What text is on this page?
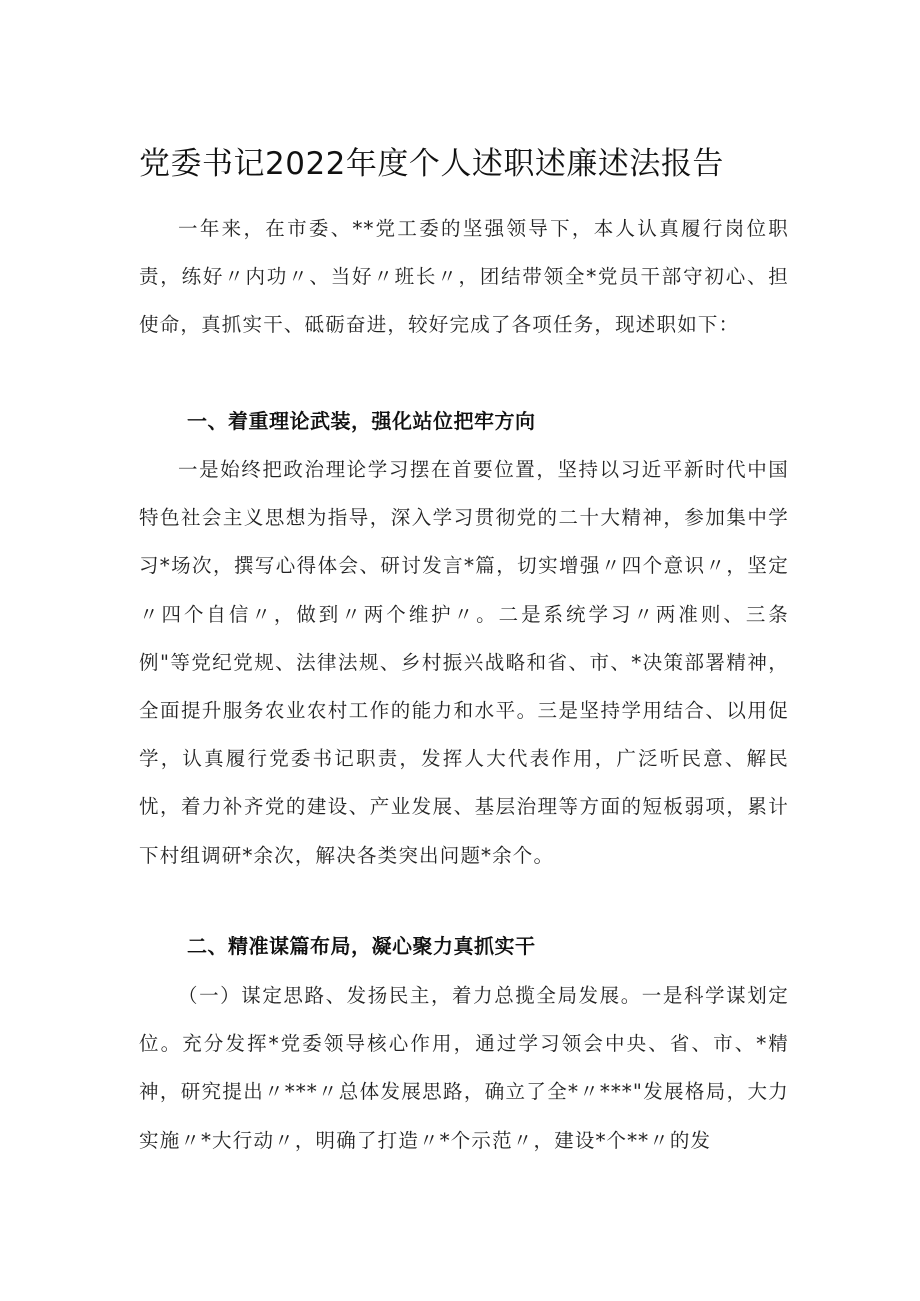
党委书记2022年度个人述职述廉述法报告

一年来，在市委、**党工委的坚强领导下，本人认真履行岗位职责，练好〃内功〃、当好〃班长〃，团结带领全*党员干部守初心、担使命，真抓实干、砥砺奋进，较好完成了各项任务，现述职如下：

一、着重理论武装，强化站位把牢方向

一是始终把政治理论学习摆在首要位置，坚持以习近平新时代中国特色社会主义思想为指导，深入学习贯彻党的二十大精神，参加集中学习*场次，撰写心得体会、研讨发言*篇，切实增强〃四个意识〃，坚定〃四个自信〃，做到〃两个维护〃。二是系统学习〃两准则、三条例"等党纪党规、法律法规、乡村振兴战略和省、市、*决策部署精神，全面提升服务农业农村工作的能力和水平。三是坚持学用结合、以用促学，认真履行党委书记职责，发挥人大代表作用，广泛听民意、解民忧，着力补齐党的建设、产业发展、基层治理等方面的短板弱项，累计下村组调研*余次，解决各类突出问题*余个。

二、精准谋篇布局，凝心聚力真抓实干

（一）谋定思路、发扬民主，着力总揽全局发展。一是科学谋划定位。充分发挥*党委领导核心作用，通过学习领会中央、省、市、*精神，研究提出〃***〃总体发展思路，确立了全*〃***"发展格局，大力实施〃*大行动〃，明确了打造〃*个示范〃，建设*个**〃的发
